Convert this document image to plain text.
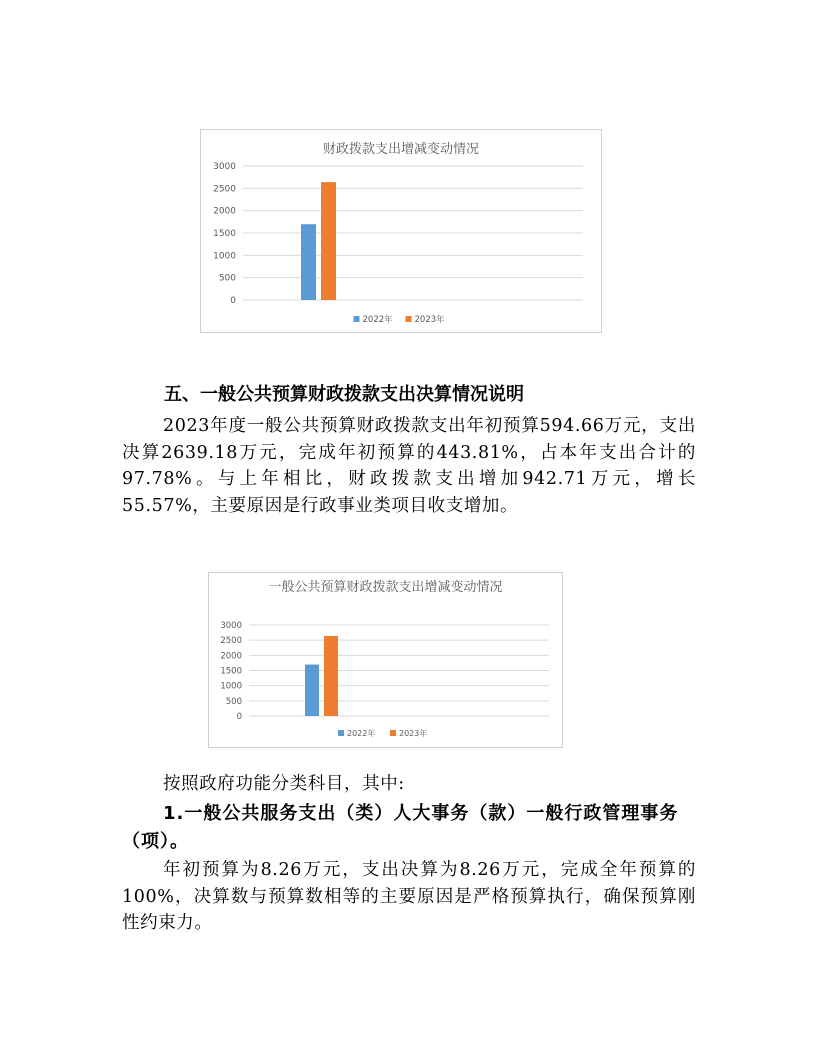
财政拨款支出增减变动情况
0
500
1000
1500
2000
2500
3000
2022年	2023年
五、一般公共预算财政拨款支出决算情况说明

2023年度一般公共预算财政拨款支出年初预算594.66万元，支出决算2639.18万元，完成年初预算的443.81%，占本年支出合计的97.78%。与上年相比，财政拨款支出增加942.71万元，增长55.57%，主要原因是行政事业类项目收支增加。

一般公共预算财政拨款支出增减变动情况
0
500
1000
1500
2000
2500
3000
2022年	2023年

按照政府功能分类科目，其中:

1.一般公共服务支出（类）人大事务（款）一般行政管理事务（项）。

年初预算为8.26万元，支出决算为8.26万元，完成全年预算的100%，决算数与预算数相等的主要原因是严格预算执行，确保预算刚性约束力。
